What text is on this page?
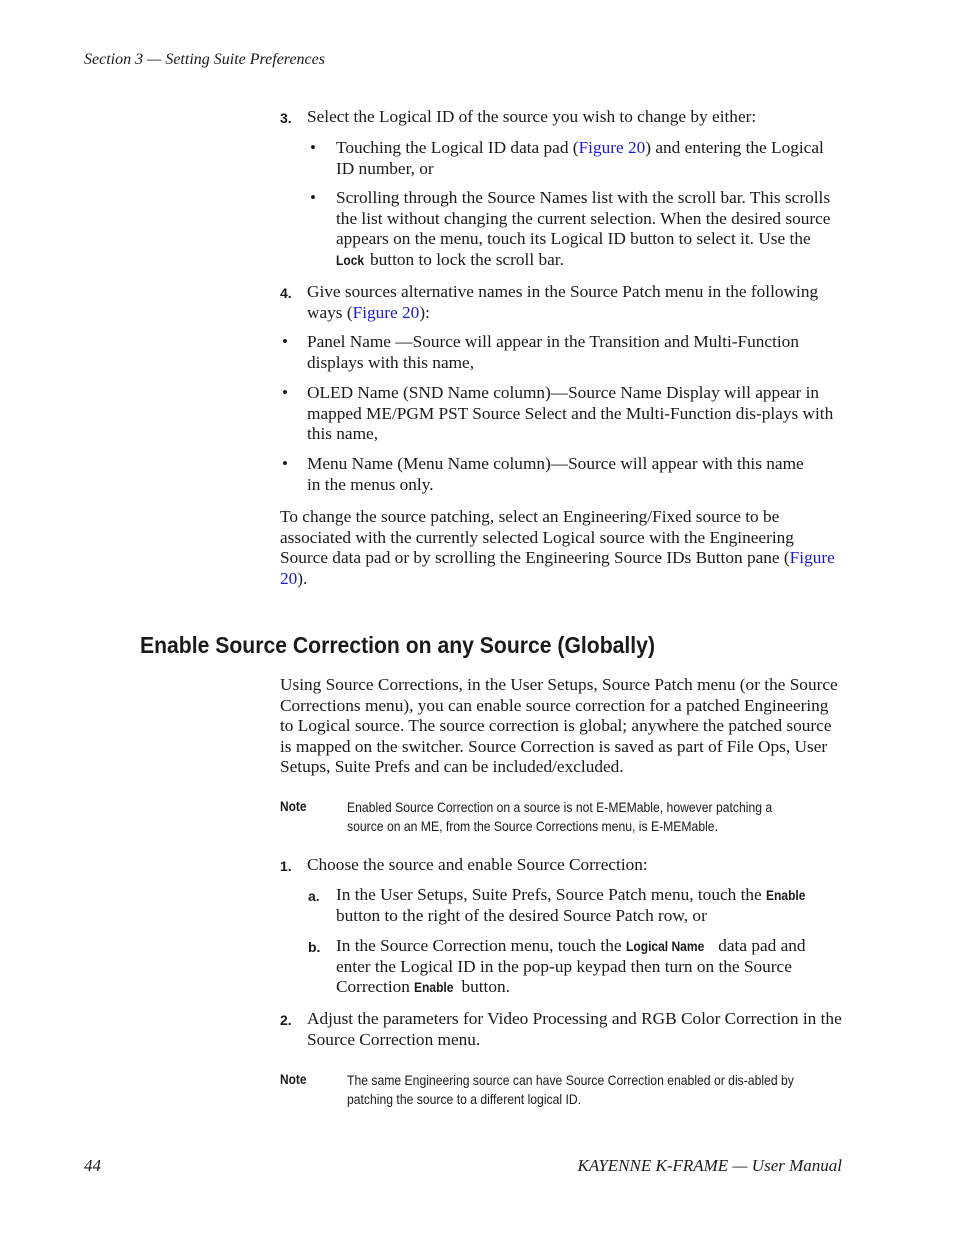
Section 3 — Setting Suite Preferences
3. Select the Logical ID of the source you wish to change by either:
• Touching the Logical ID data pad (Figure 20) and entering the Logical ID number, or
• Scrolling through the Source Names list with the scroll bar. This scrolls the list without changing the current selection. When the desired source appears on the menu, touch its Logical ID button to select it. Use the Lock button to lock the scroll bar.
4. Give sources alternative names in the Source Patch menu in the following ways (Figure 20):
• Panel Name —Source will appear in the Transition and Multi-Function displays with this name,
• OLED Name (SND Name column)—Source Name Display will appear in mapped ME/PGM PST Source Select and the Multi-Function dis-plays with this name,
• Menu Name (Menu Name column)—Source will appear with this name in the menus only.
To change the source patching, select an Engineering/Fixed source to be associated with the currently selected Logical source with the Engineering Source data pad or by scrolling the Engineering Source IDs Button pane (Figure 20).
Enable Source Correction on any Source (Globally)
Using Source Corrections, in the User Setups, Source Patch menu (or the Source Corrections menu), you can enable source correction for a patched Engineering to Logical source. The source correction is global; anywhere the patched source is mapped on the switcher. Source Correction is saved as part of File Ops, User Setups, Suite Prefs and can be included/excluded.
Note	Enabled Source Correction on a source is not E-MEMable, however patching a source on an ME, from the Source Corrections menu, is E-MEMable.
1. Choose the source and enable Source Correction:
a. In the User Setups, Suite Prefs, Source Patch menu, touch the Enable button to the right of the desired Source Patch row, or
b. In the Source Correction menu, touch the Logical Name data pad and enter the Logical ID in the pop-up keypad then turn on the Source Correction Enable button.
2. Adjust the parameters for Video Processing and RGB Color Correction in the Source Correction menu.
Note	The same Engineering source can have Source Correction enabled or dis-abled by patching the source to a different logical ID.
44	KAYENNE K-FRAME — User Manual
